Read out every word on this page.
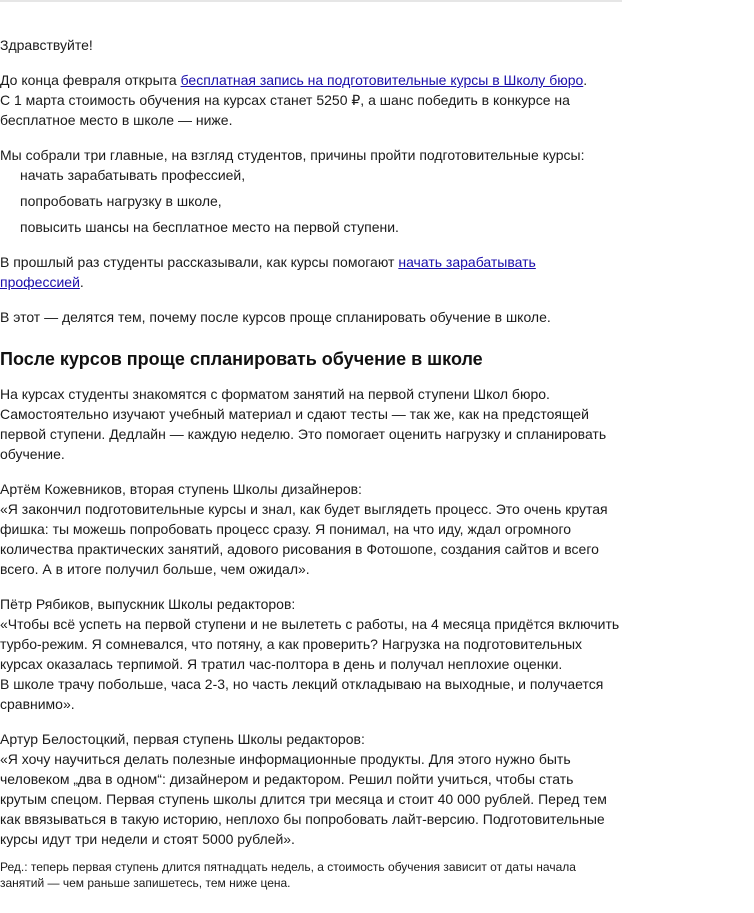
Здравствуйте!

До конца февраля открыта бесплатная запись на подготовительные курсы в Школу бюро.
С 1 марта стоимость обучения на курсах станет 5250 ₽, а шанс победить в конкурсе на бесплатное место в школе — ниже.

Мы собрали три главные, на взгляд студентов, причины пройти подготовительные курсы:

начать зарабатывать профессией,
попробовать нагрузку в школе,
повысить шансы на бесплатное место на первой ступени.

В прошлый раз студенты рассказывали, как курсы помогают начать зарабатывать профессией.

В этот — делятся тем, почему после курсов проще спланировать обучение в школе.

После курсов проще спланировать обучение в школе

На курсах студенты знакомятся с форматом занятий на первой ступени Школ бюро. Самостоятельно изучают учебный материал и сдают тесты — так же, как на предстоящей первой ступени. Дедлайн — каждую неделю. Это помогает оценить нагрузку и спланировать обучение.

Артём Кожевников, вторая ступень Школы дизайнеров:
«Я закончил подготовительные курсы и знал, как будет выглядеть процесс. Это очень крутая фишка: ты можешь попробовать процесс сразу. Я понимал, на что иду, ждал огромного количества практических занятий, адового рисования в Фотошопе, создания сайтов и всего всего. А в итоге получил больше, чем ожидал».

Пётр Рябиков, выпускник Школы редакторов:
«Чтобы всё успеть на первой ступени и не вылететь с работы, на 4 месяца придётся включить турбо-режим. Я сомневался, что потяну, а как проверить? Нагрузка на подготовительных курсах оказалась терпимой. Я тратил час-полтора в день и получал неплохие оценки.
В школе трачу побольше, часа 2-3, но часть лекций откладываю на выходные, и получается сравнимо».

Артур Белостоцкий, первая ступень Школы редакторов:
«Я хочу научиться делать полезные информационные продукты. Для этого нужно быть человеком „два в одном“: дизайнером и редактором. Решил пойти учиться, чтобы стать крутым спецом. Первая ступень школы длится три месяца и стоит 40 000 рублей. Перед тем как ввязываться в такую историю, неплохо бы попробовать лайт-версию. Подготовительные курсы идут три недели и стоят 5000 рублей».

Ред.: теперь первая ступень длится пятнадцать недель, а стоимость обучения зависит от даты начала занятий — чем раньше запишетесь, тем ниже цена.
